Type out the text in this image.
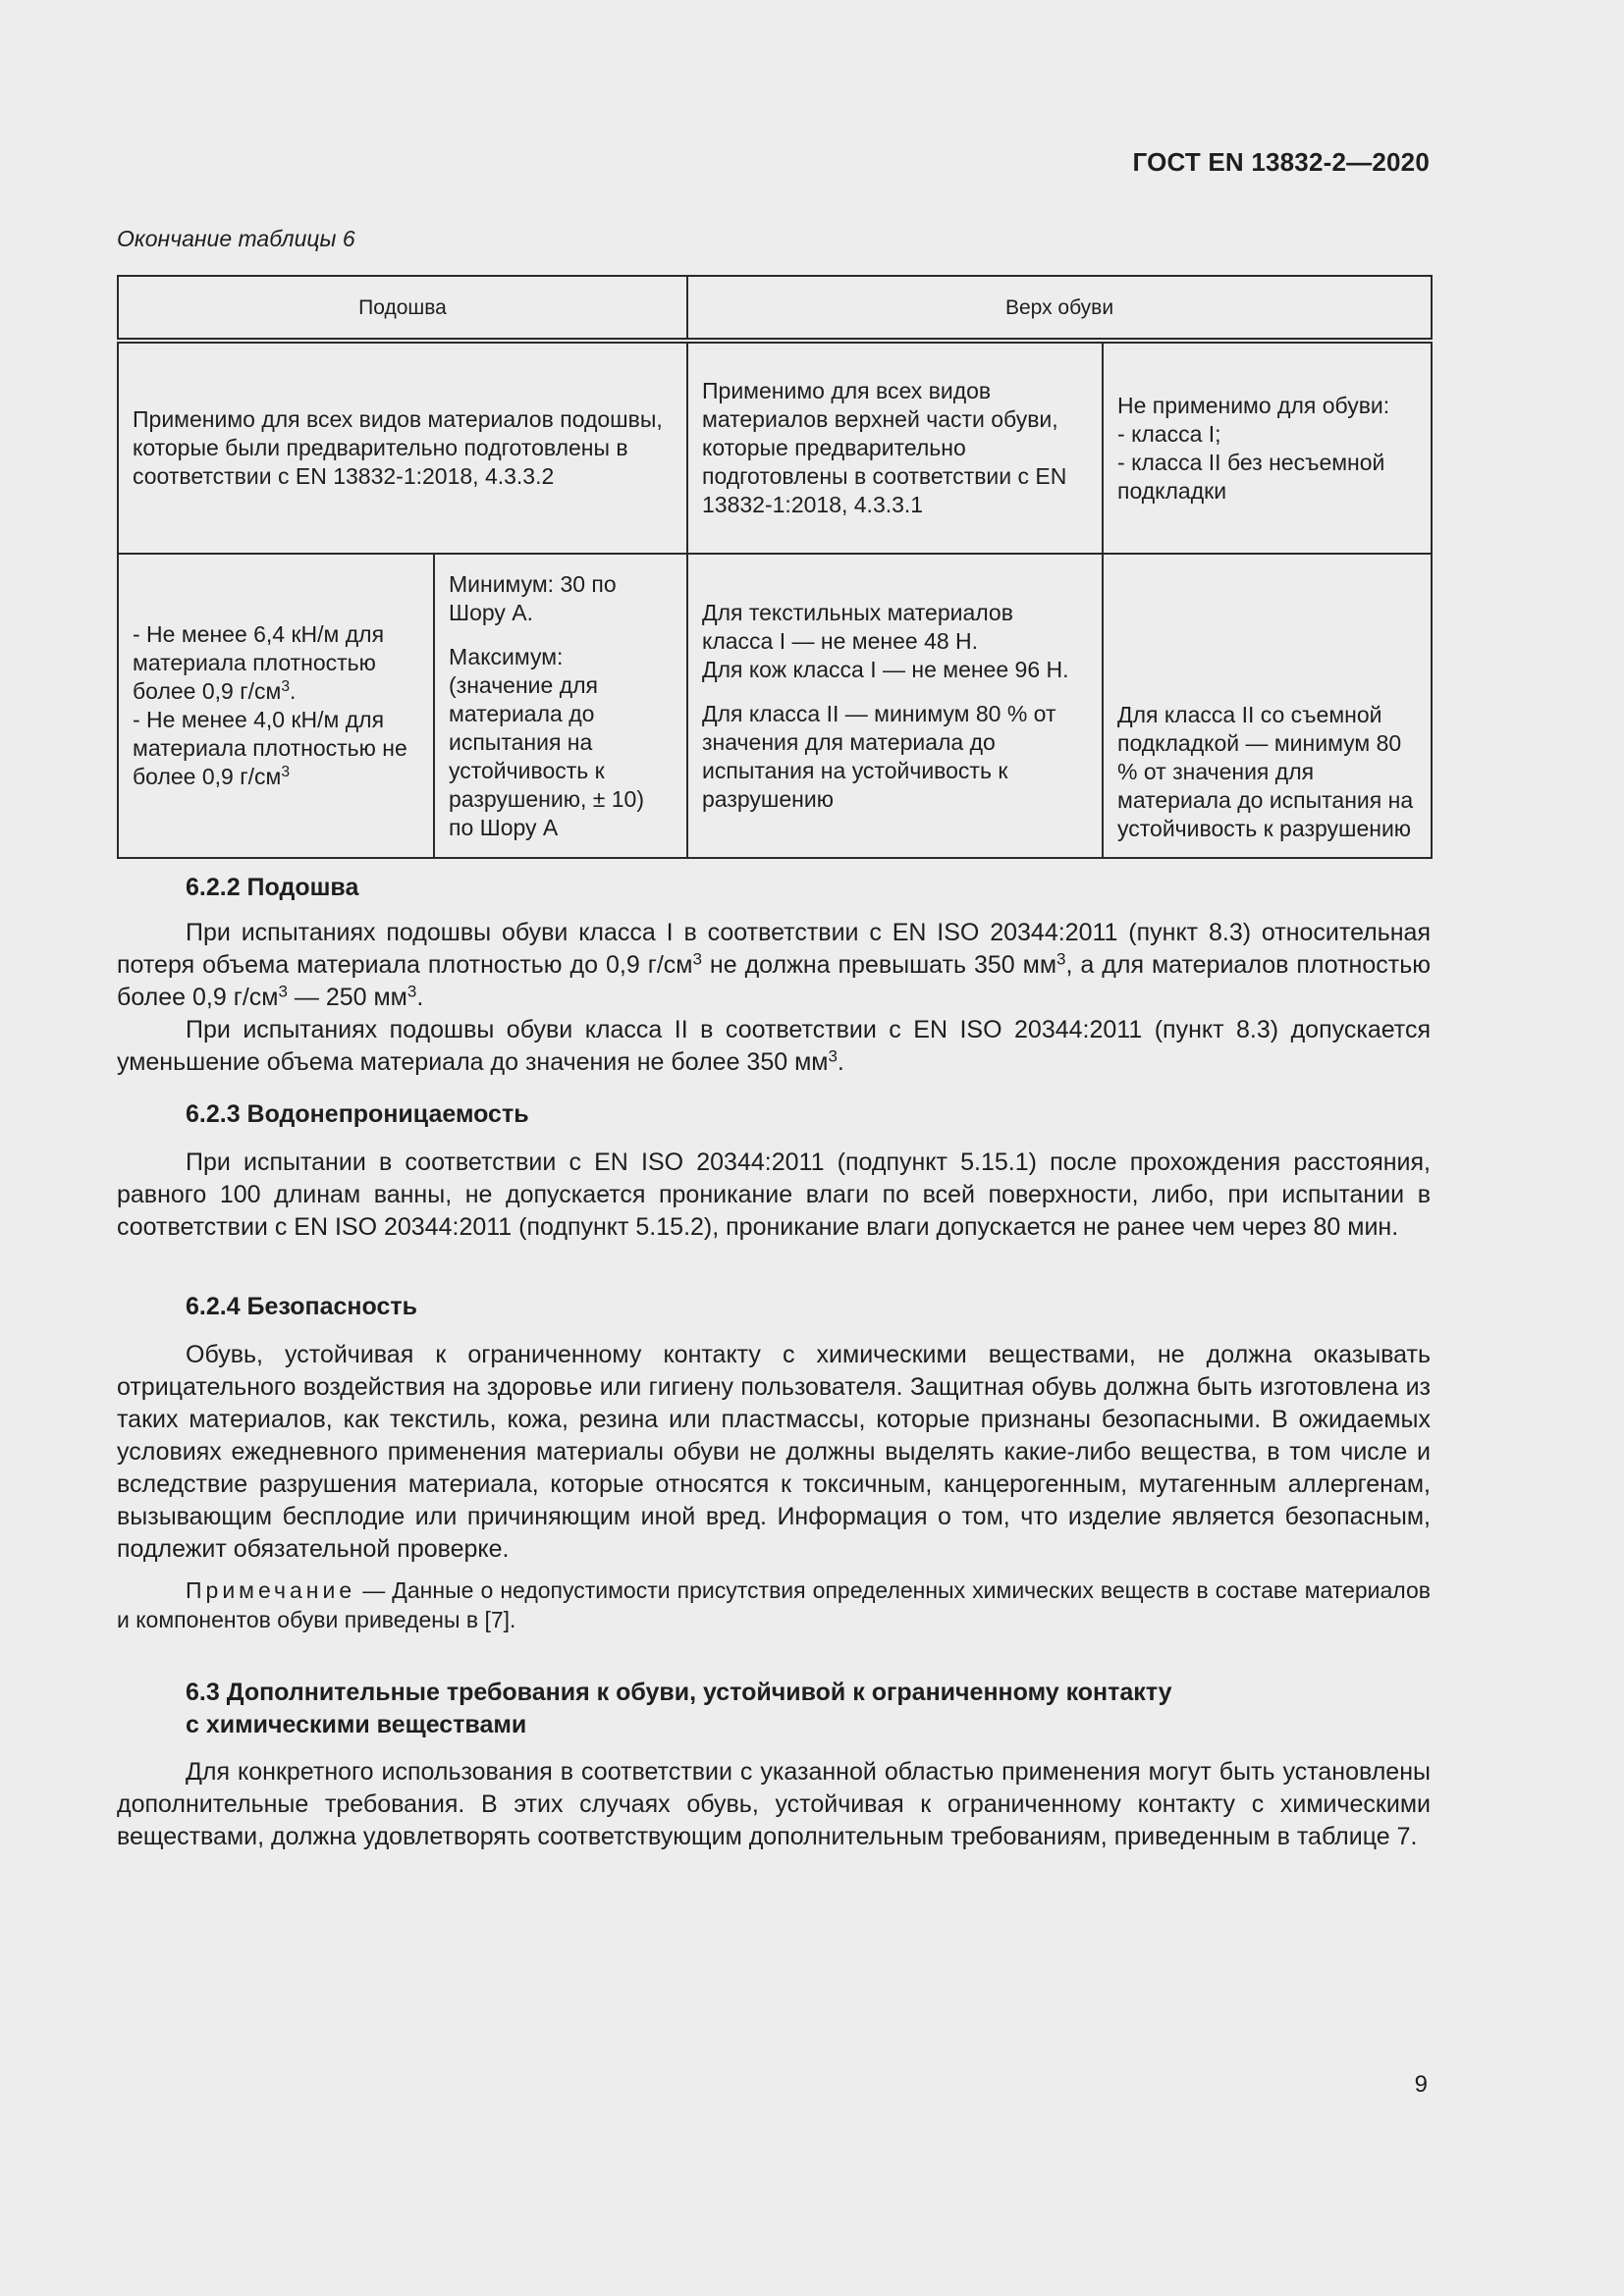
ГОСТ EN 13832-2—2020
Окончание таблицы 6
Подошва		Верх обуви	
Применимо для всех видов материалов подошвы, которые были предварительно подготовлены в соответствии с EN 13832-1:2018, 4.3.3.2		Применимо для всех видов материалов верхней части обуви, которые предварительно подготовлены в соответствии с EN 13832-1:2018, 4.3.3.1	Не применимо для обуви:
- класса I;
- класса II без несъемной подкладки

- Не менее 6,4 кН/м для материала плотностью более 0,9 $г/см^3$.
- Не менее 4,0 кН/м для материала плотностью не более 0,9 $г/см^3$	Минимум: 30 по Шору А.
Максимум: (значение для материала до испытания на устойчивость к разрушению, ± 10) по Шору А	Для текстильных материалов класса I — не менее 48 Н.
Для кож класса I — не менее 96 Н.
Для класса II — минимум 80 % от значения для материала до испытания на устойчивость к разрушению	Для класса II со съемной подкладкой — минимум 80 % от значения для материала до испытания на устойчивость к разрушению
6.2.2 Подошва

При испытаниях подошвы обуви класса I в соответствии с EN ISO 20344:2011 (пункт 8.3) относительная потеря объема материала плотностью до 0,9 $г/см^3$ не должна превышать 350 $мм^3$, а для материалов плотностью более 0,9 $г/см^3$ — 250 $мм^3$.

При испытаниях подошвы обуви класса II в соответствии с EN ISO 20344:2011 (пункт 8.3) допускается уменьшение объема материала до значения не более 350 $мм^3$.

6.2.3 Водонепроницаемость

При испытании в соответствии с EN ISO 20344:2011 (подпункт 5.15.1) после прохождения расстояния, равного 100 длинам ванны, не допускается проникание влаги по всей поверхности, либо, при испытании в соответствии с EN ISO 20344:2011 (подпункт 5.15.2), проникание влаги допускается не ранее чем через 80 мин.

6.2.4 Безопасность

Обувь, устойчивая к ограниченному контакту с химическими веществами, не должна оказывать отрицательного воздействия на здоровье или гигиену пользователя. Защитная обувь должна быть изготовлена из таких материалов, как текстиль, кожа, резина или пластмассы, которые признаны безопасными. В ожидаемых условиях ежедневного применения материалы обуви не должны выделять какие-либо вещества, в том числе и вследствие разрушения материала, которые относятся к токсичным, канцерогенным, мутагенным аллергенам, вызывающим бесплодие или причиняющим иной вред. Информация о том, что изделие является безопасным, подлежит обязательной проверке.

Примечание — Данные о недопустимости присутствия определенных химических веществ в составе материалов и компонентов обуви приведены в [7].

6.3 Дополнительные требования к обуви, устойчивой к ограниченному контакту
с химическими веществами

Для конкретного использования в соответствии с указанной областью применения могут быть установлены дополнительные требования. В этих случаях обувь, устойчивая к ограниченному контакту с химическими веществами, должна удовлетворять соответствующим дополнительным требованиям, приведенным в таблице 7.

9
